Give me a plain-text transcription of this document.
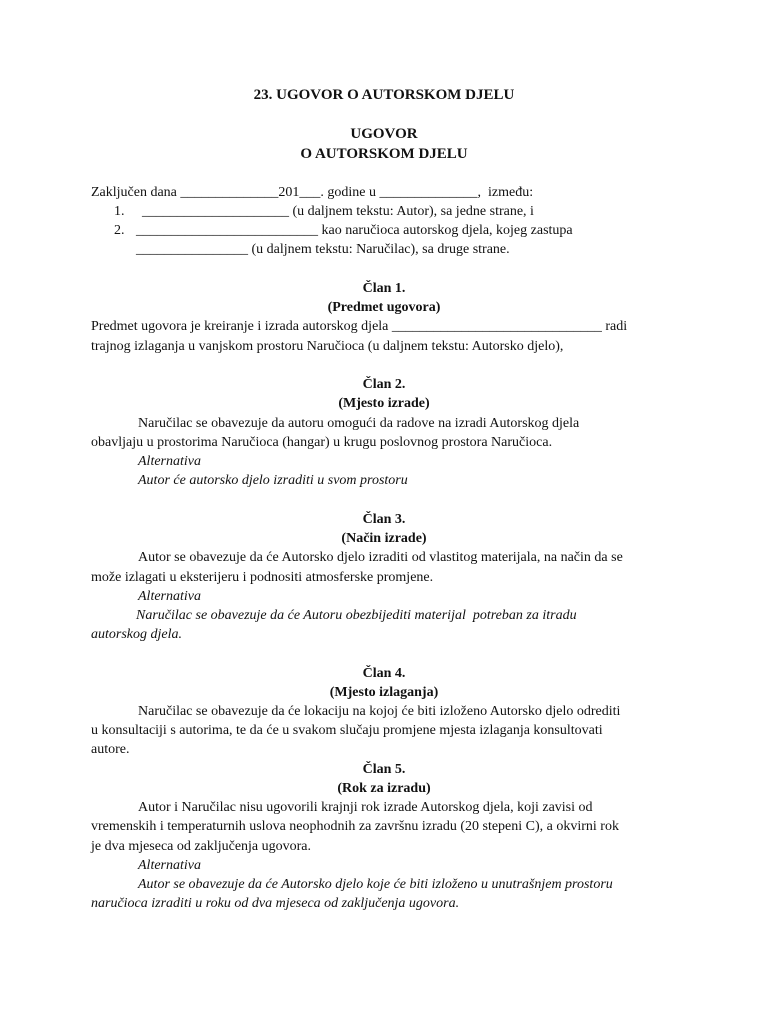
23. UGOVOR O AUTORSKOM DJELU
UGOVOR
O AUTORSKOM DJELU
Zaključen dana ______________201___. godine u ______________,  između:
1. _____________________ (u daljnem tekstu: Autor), sa jedne strane, i
2. __________________________ kao naručioca autorskog djela, kojeg zastupa
________________ (u daljnem tekstu: Naručilac), sa druge strane.
Član 1.
(Predmet ugovora)
Predmet ugovora je kreiranje i izrada autorskog djela ______________________________ radi
trajnog izlaganja u vanjskom prostoru Naručioca (u daljnem tekstu: Autorsko djelo),
Član 2.
(Mjesto izrade)
Naručilac se obavezuje da autoru omogući da radove na izradi Autorskog djela
obavljaju u prostorima Naručioca (hangar) u krugu poslovnog prostora Naručioca.
Alternativa
Autor će autorsko djelo izraditi u svom prostoru
Član 3.
(Način izrade)
Autor se obavezuje da će Autorsko djelo izraditi od vlastitog materijala, na način da se
može izlagati u eksterijeru i podnositi atmosferske promjene.
Alternativa
Naručilac se obavezuje da će Autoru obezbijediti materijal  potreban za itradu
autorskog djela.
Član 4.
(Mjesto izlaganja)
Naručilac se obavezuje da će lokaciju na kojoj će biti izloženo Autorsko djelo odrediti
u konsultaciji s autorima, te da će u svakom slučaju promjene mjesta izlaganja konsultovati
autore.
Član 5.
(Rok za izradu)
Autor i Naručilac nisu ugovorili krajnji rok izrade Autorskog djela, koji zavisi od
vremenskih i temperaturnih uslova neophodnih za završnu izradu (20 stepeni C), a okvirni rok
je dva mjeseca od zaključenja ugovora.
Alternativa
Autor se obavezuje da će Autorsko djelo koje će biti izloženo u unutrašnjem prostoru
naručioca izraditi u roku od dva mjeseca od zaključenja ugovora.
